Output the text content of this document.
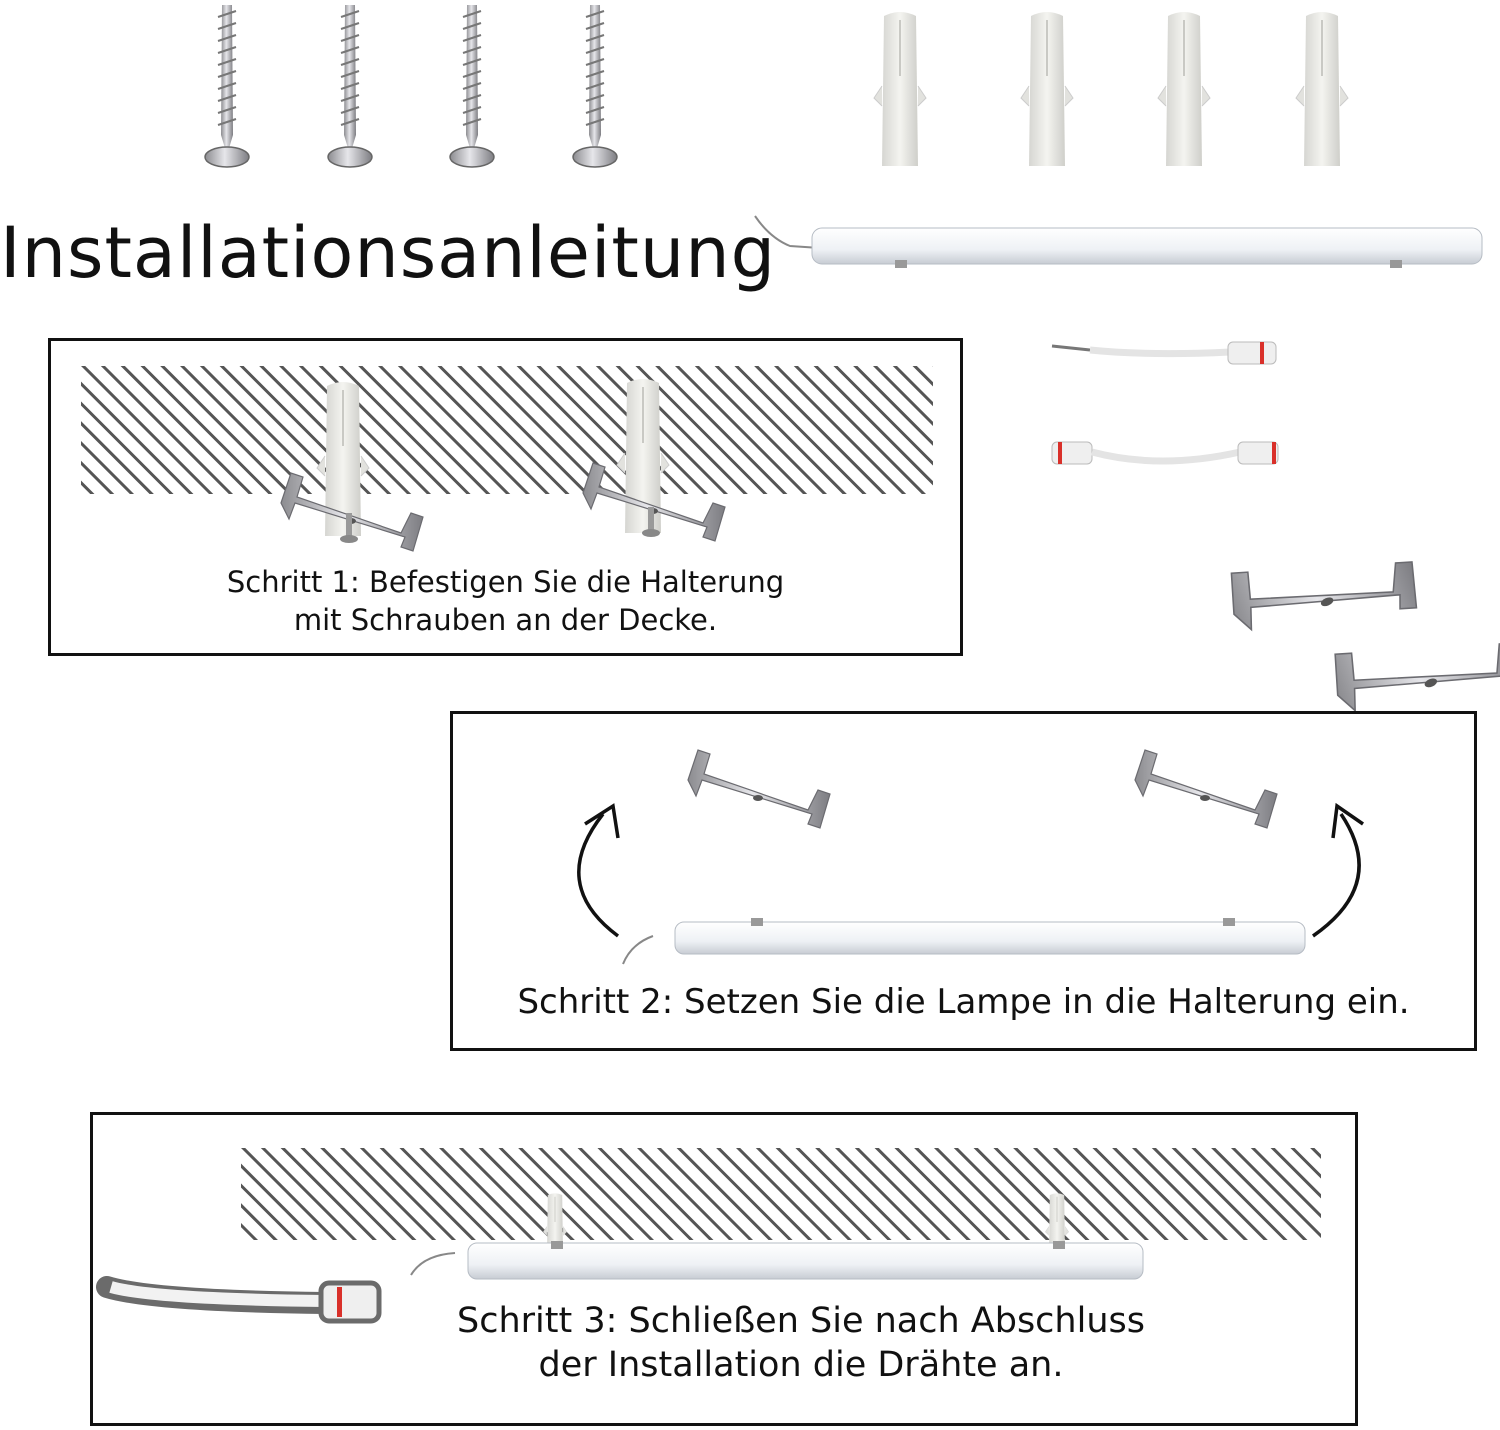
Installationsanleitung
Schritt 1: Befestigen Sie die Halterung
mit Schrauben an der Decke.
Schritt 2: Setzen Sie die Lampe in die Halterung ein.
Schritt 3: Schließen Sie nach Abschluss
der Installation die Drähte an.
